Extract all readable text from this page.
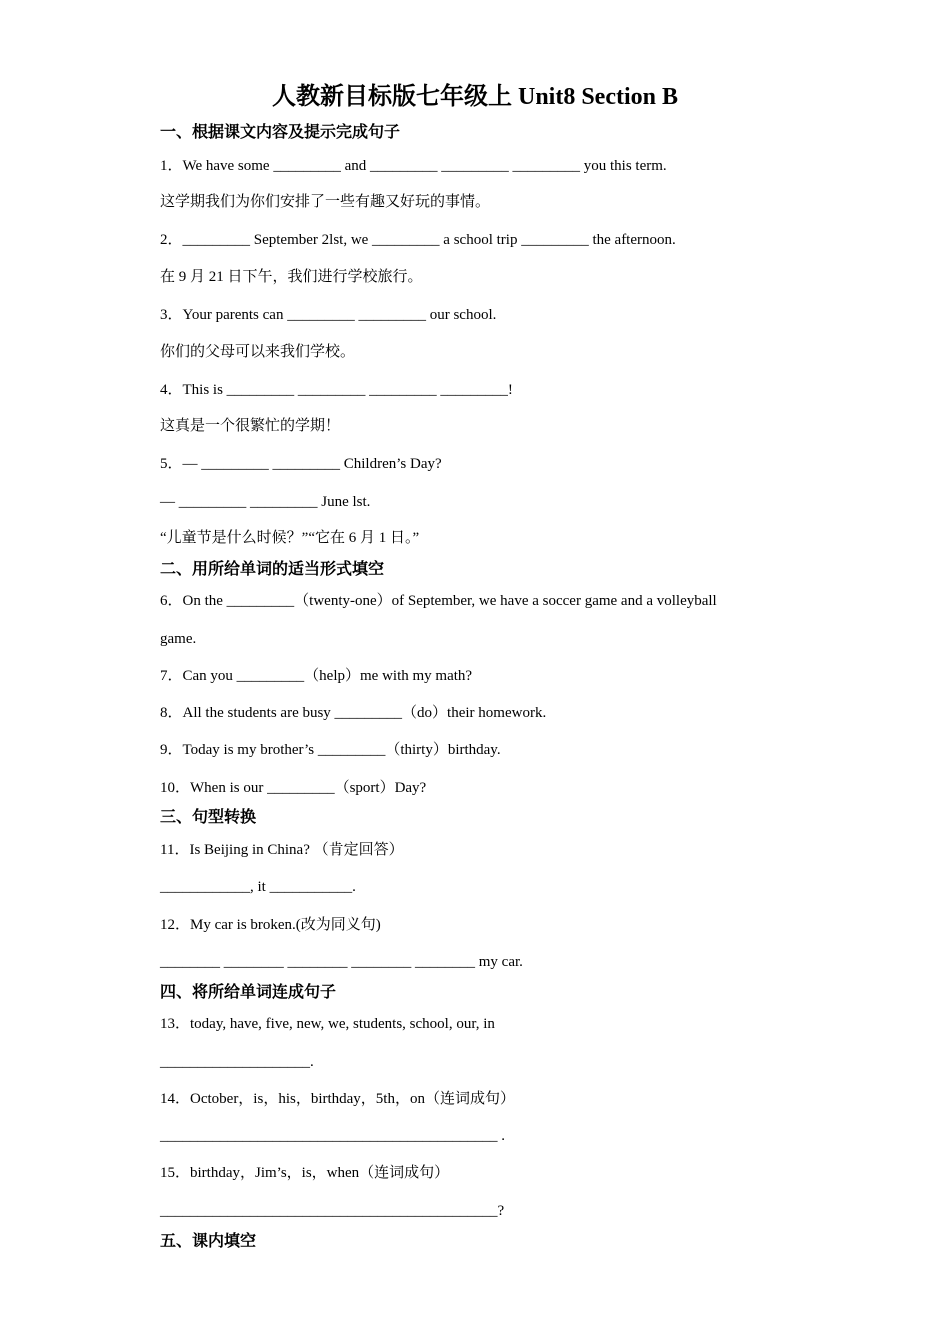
人教新目标版七年级上 Unit8 Section B
一、根据课文内容及提示完成句子
1．We have some _________ and _________ _________ _________ you this term.
这学期我们为你们安排了一些有趣又好玩的事情。
2．_________ September 2lst, we _________ a school trip _________ the afternoon.
在 9 月 21 日下午，我们进行学校旅行。
3．Your parents can _________ _________ our school.
你们的父母可以来我们学校。
4．This is _________ _________ _________ _________!
这真是一个很繁忙的学期！
5．— _________ _________ Children’s Day?
— _________ _________ June lst.
“儿童节是什么时候？”“它在 6 月 1 日。”
二、用所给单词的适当形式填空
6．On the _________（twenty-one）of September, we have a soccer game and a volleyball
game.
7．Can you _________（help）me with my math?
8．All the students are busy _________（do）their homework.
9．Today is my brother’s _________（thirty）birthday.
10．When is our _________（sport）Day?
三、句型转换
11．Is Beijing in China? （肯定回答）
____________, it ___________.
12．My car is broken.(改为同义句)
________ ________ ________ ________ ________ my car.
四、将所给单词连成句子
13．today, have, five, new, we, students, school, our, in
____________________.
14．October，is，his，birthday，5th，on（连词成句）
_____________________________________________ .
15．birthday，Jim’s，is，when（连词成句）
_____________________________________________?
五、课内填空
